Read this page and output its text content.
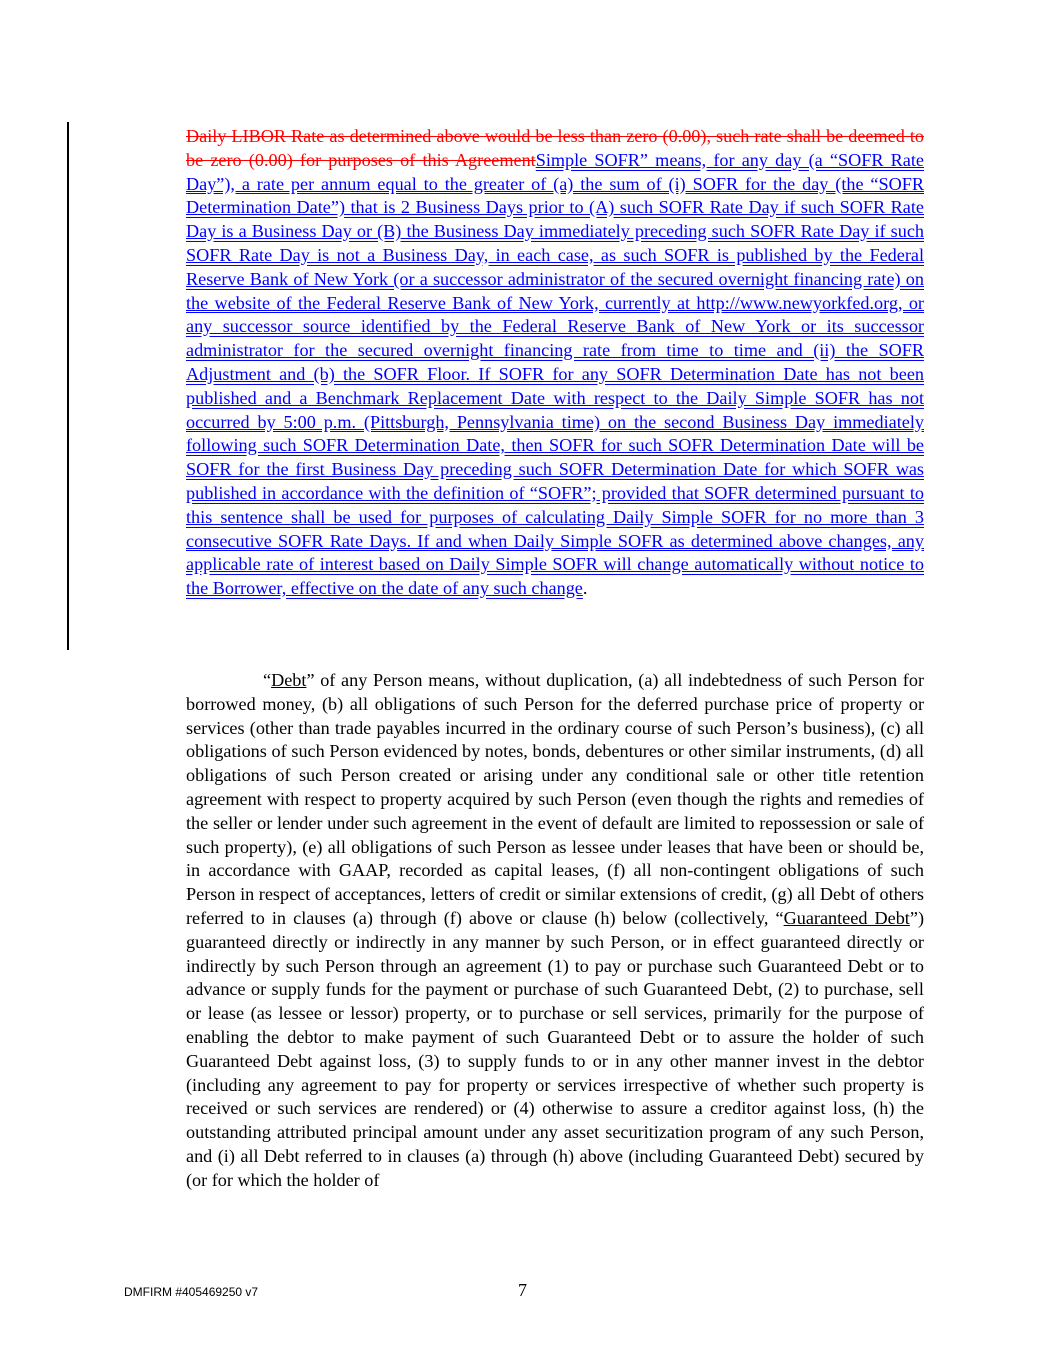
Daily LIBOR Rate as determined above would be less than zero (0.00), such rate shall be deemed to be zero (0.00) for purposes of this AgreementSimple SOFR” means, for any day (a “SOFR Rate Day”), a rate per annum equal to the greater of (a) the sum of (i) SOFR for the day (the “SOFR Determination Date”) that is 2 Business Days prior to (A) such SOFR Rate Day if such SOFR Rate Day is a Business Day or (B) the Business Day immediately preceding such SOFR Rate Day if such SOFR Rate Day is not a Business Day, in each case, as such SOFR is published by the Federal Reserve Bank of New York (or a successor administrator of the secured overnight financing rate) on the website of the Federal Reserve Bank of New York, currently at http://www.newyorkfed.org, or any successor source identified by the Federal Reserve Bank of New York or its successor administrator for the secured overnight financing rate from time to time and (ii) the SOFR Adjustment and (b) the SOFR Floor. If SOFR for any SOFR Determination Date has not been published and a Benchmark Replacement Date with respect to the Daily Simple SOFR has not occurred by 5:00 p.m. (Pittsburgh, Pennsylvania time) on the second Business Day immediately following such SOFR Determination Date, then SOFR for such SOFR Determination Date will be SOFR for the first Business Day preceding such SOFR Determination Date for which SOFR was published in accordance with the definition of “SOFR”; provided that SOFR determined pursuant to this sentence shall be used for purposes of calculating Daily Simple SOFR for no more than 3 consecutive SOFR Rate Days. If and when Daily Simple SOFR as determined above changes, any applicable rate of interest based on Daily Simple SOFR will change automatically without notice to the Borrower, effective on the date of any such change.
“Debt” of any Person means, without duplication, (a) all indebtedness of such Person for borrowed money, (b) all obligations of such Person for the deferred purchase price of property or services (other than trade payables incurred in the ordinary course of such Person’s business), (c) all obligations of such Person evidenced by notes, bonds, debentures or other similar instruments, (d) all obligations of such Person created or arising under any conditional sale or other title retention agreement with respect to property acquired by such Person (even though the rights and remedies of the seller or lender under such agreement in the event of default are limited to repossession or sale of such property), (e) all obligations of such Person as lessee under leases that have been or should be, in accordance with GAAP, recorded as capital leases, (f) all non-contingent obligations of such Person in respect of acceptances, letters of credit or similar extensions of credit, (g) all Debt of others referred to in clauses (a) through (f) above or clause (h) below (collectively, “Guaranteed Debt”) guaranteed directly or indirectly in any manner by such Person, or in effect guaranteed directly or indirectly by such Person through an agreement (1) to pay or purchase such Guaranteed Debt or to advance or supply funds for the payment or purchase of such Guaranteed Debt, (2) to purchase, sell or lease (as lessee or lessor) property, or to purchase or sell services, primarily for the purpose of enabling the debtor to make payment of such Guaranteed Debt or to assure the holder of such Guaranteed Debt against loss, (3) to supply funds to or in any other manner invest in the debtor (including any agreement to pay for property or services irrespective of whether such property is received or such services are rendered) or (4) otherwise to assure a creditor against loss, (h) the outstanding attributed principal amount under any asset securitization program of any such Person, and (i) all Debt referred to in clauses (a) through (h) above (including Guaranteed Debt) secured by (or for which the holder of
DMFIRM #405469250 v7	7
